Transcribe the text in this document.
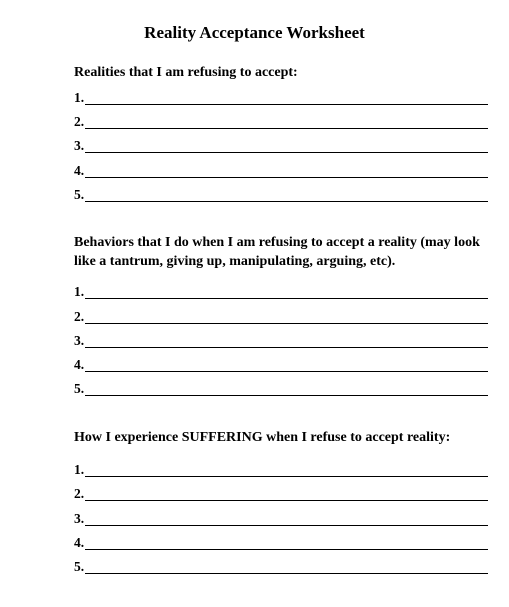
Reality Acceptance Worksheet
Realities that I am refusing to accept:
1.
2.
3.
4.
5.
Behaviors that I do when I am refusing to accept a reality (may look like a tantrum, giving up, manipulating, arguing, etc).
1.
2.
3.
4.
5.
How I experience SUFFERING when I refuse to accept reality:
1.
2.
3.
4.
5.
